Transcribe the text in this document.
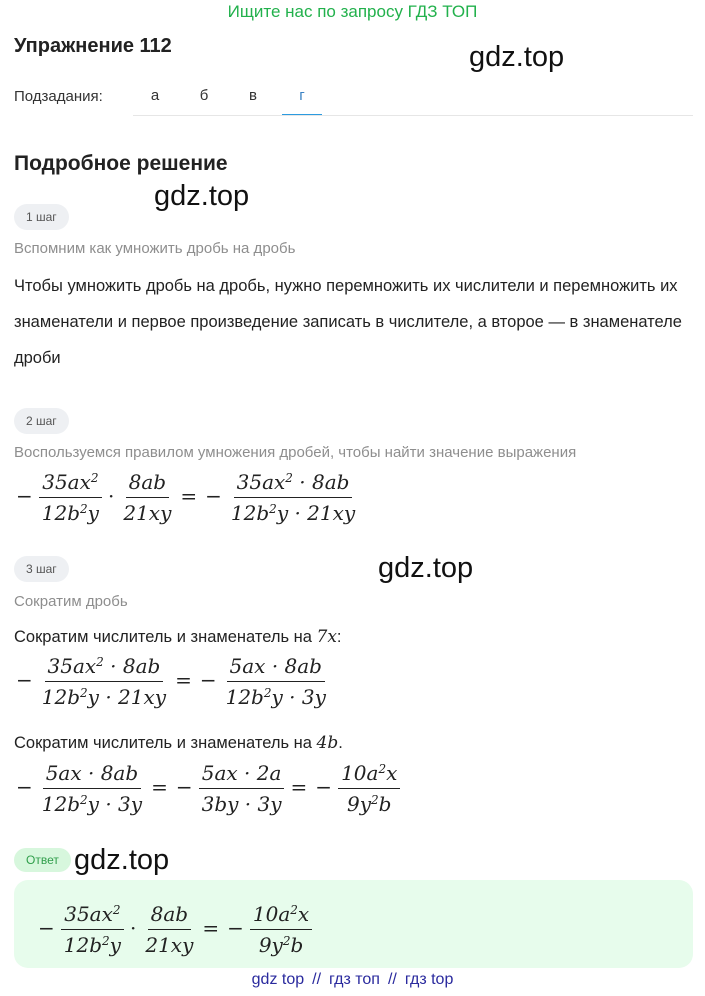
Ищите нас по запросу ГДЗ ТОП
Упражнение 112	gdz.top
gdz.top
gdz.top
gdz.top
Подзадания:	а	б	в	г
Подробное решение
1 шаг
Вспомним как умножить дробь на дробь
Чтобы умножить дробь на дробь, нужно перемножить их числители и перемножить их знаменатели и первое произведение записать в числителе, а второе — в знаменателе дроби
2 шаг
Воспользуемся правилом умножения дробей, чтобы найти значение выражения
− $\frac{35ax^2}{12b^2y} \cdot \frac{8ab}{21xy}$ = − $\frac{35ax^2 \cdot 8ab}{12b^2y \cdot 21xy}$
3 шаг
Сократим дробь
Сократим числитель и знаменатель на 7x:
− $\frac{35ax^2 \cdot 8ab}{12b^2y \cdot 21xy}$ = − $\frac{5ax \cdot 8ab}{12b^2y \cdot 3y}$
Сократим числитель и знаменатель на 4b.
− $\frac{5ax \cdot 8ab}{12b^2y \cdot 3y}$ = − $\frac{5ax \cdot 2a}{3by \cdot 3y}$ = − $\frac{10a^2x}{9y^2b}$
Ответ
− $\frac{35ax^2}{12b^2y} \cdot \frac{8ab}{21xy}$ = − $\frac{10a^2x}{9y^2b}$
gdz top // гдз топ // гдз top
